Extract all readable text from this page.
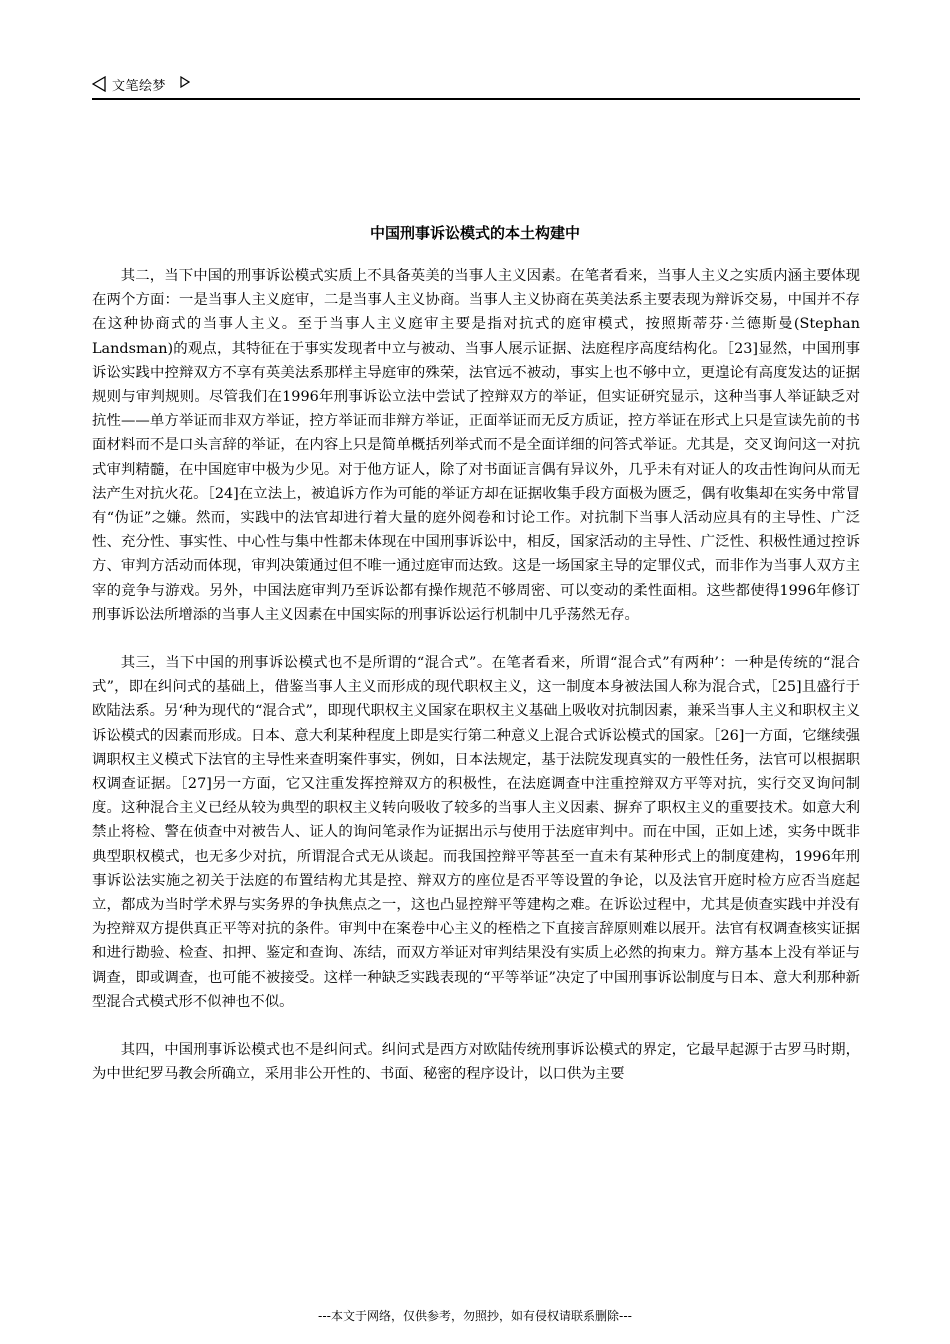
文笔绘梦
中国刑事诉讼模式的本土构建中

其二，当下中国的刑事诉讼模式实质上不具备英美的当事人主义因素。在笔者看来，当事人主义之实质内涵主要体现在两个方面：一是当事人主义庭审，二是当事人主义协商。当事人主义协商在英美法系主要表现为辩诉交易，中国并不存在这种协商式的当事人主义。至于当事人主义庭审主要是指对抗式的庭审模式，按照斯蒂芬·兰德斯曼(Stephan Landsman)的观点，其特征在于事实发现者中立与被动、当事人展示证据、法庭程序高度结构化。［23]显然，中国刑事诉讼实践中控辩双方不享有英美法系那样主导庭审的殊荣，法官远不被动，事实上也不够中立，更遑论有高度发达的证据规则与审判规则。尽管我们在1996年刑事诉讼立法中尝试了控辩双方的举证，但实证研究显示，这种当事人举证缺乏对抗性——单方举证而非双方举证，控方举证而非辩方举证，正面举证而无反方质证，控方举证在形式上只是宣读先前的书面材料而不是口头言辞的举证，在内容上只是简单概括列举式而不是全面详细的问答式举证。尤其是，交叉询问这一对抗式审判精髓，在中国庭审中极为少见。对于他方证人，除了对书面证言偶有异议外，几乎未有对证人的攻击性询问从而无法产生对抗火花。［24]在立法上，被追诉方作为可能的举证方却在证据收集手段方面极为匮乏，偶有收集却在实务中常冒有“伪证”之嫌。然而，实践中的法官却进行着大量的庭外阅卷和讨论工作。对抗制下当事人活动应具有的主导性、广泛性、充分性、事实性、中心性与集中性都未体现在中国刑事诉讼中，相反，国家活动的主导性、广泛性、积极性通过控诉方、审判方活动而体现，审判决策通过但不唯一通过庭审而达致。这是一场国家主导的定罪仪式，而非作为当事人双方主宰的竞争与游戏。另外，中国法庭审判乃至诉讼都有操作规范不够周密、可以变动的柔性面相。这些都使得1996年修订刑事诉讼法所增添的当事人主义因素在中国实际的刑事诉讼运行机制中几乎荡然无存。

其三，当下中国的刑事诉讼模式也不是所谓的“混合式”。在笔者看来，所谓“混合式”有两种’：一种是传统的“混合式”，即在纠问式的基础上，借鉴当事人主义而形成的现代职权主义，这一制度本身被法国人称为混合式，［25]且盛行于欧陆法系。另‘种为现代的“混合式”，即现代职权主义国家在职权主义基础上吸收对抗制因素，兼采当事人主义和职权主义诉讼模式的因素而形成。日本、意大利某种程度上即是实行第二种意义上混合式诉讼模式的国家。［26]一方面，它继续强调职权主义模式下法官的主导性来查明案件事实，例如，日本法规定，基于法院发现真实的一般性任务，法官可以根据职权调查证据。［27]另一方面，它又注重发挥控辩双方的积极性，在法庭调查中注重控辩双方平等对抗，实行交叉询问制度。这种混合主义已经从较为典型的职权主义转向吸收了较多的当事人主义因素、摒弃了职权主义的重要技术。如意大利禁止将检、警在侦查中对被告人、证人的询问笔录作为证据出示与使用于法庭审判中。而在中国，正如上述，实务中既非典型职权模式，也无多少对抗，所谓混合式无从谈起。而我国控辩平等甚至一直未有某种形式上的制度建构，1996年刑事诉讼法实施之初关于法庭的布置结构尤其是控、辩双方的座位是否平等设置的争论，以及法官开庭时检方应否当庭起立，都成为当时学术界与实务界的争执焦点之一，这也凸显控辩平等建构之难。在诉讼过程中，尤其是侦查实践中并没有为控辩双方提供真正平等对抗的条件。审判中在案卷中心主义的桎梏之下直接言辞原则难以展开。法官有权调查核实证据和进行勘验、检查、扣押、鉴定和查询、冻结，而双方举证对审判结果没有实质上必然的拘束力。辩方基本上没有举证与调查，即或调查，也可能不被接受。这样一种缺乏实践表现的“平等举证”决定了中国刑事诉讼制度与日本、意大利那种新型混合式模式形不似神也不似。

其四，中国刑事诉讼模式也不是纠问式。纠问式是西方对欧陆传统刑事诉讼模式的界定，它最早起源于古罗马时期，为中世纪罗马教会所确立，采用非公开性的、书面、秘密的程序设计，以口供为主要

---本文于网络，仅供参考，勿照抄，如有侵权请联系删除---
